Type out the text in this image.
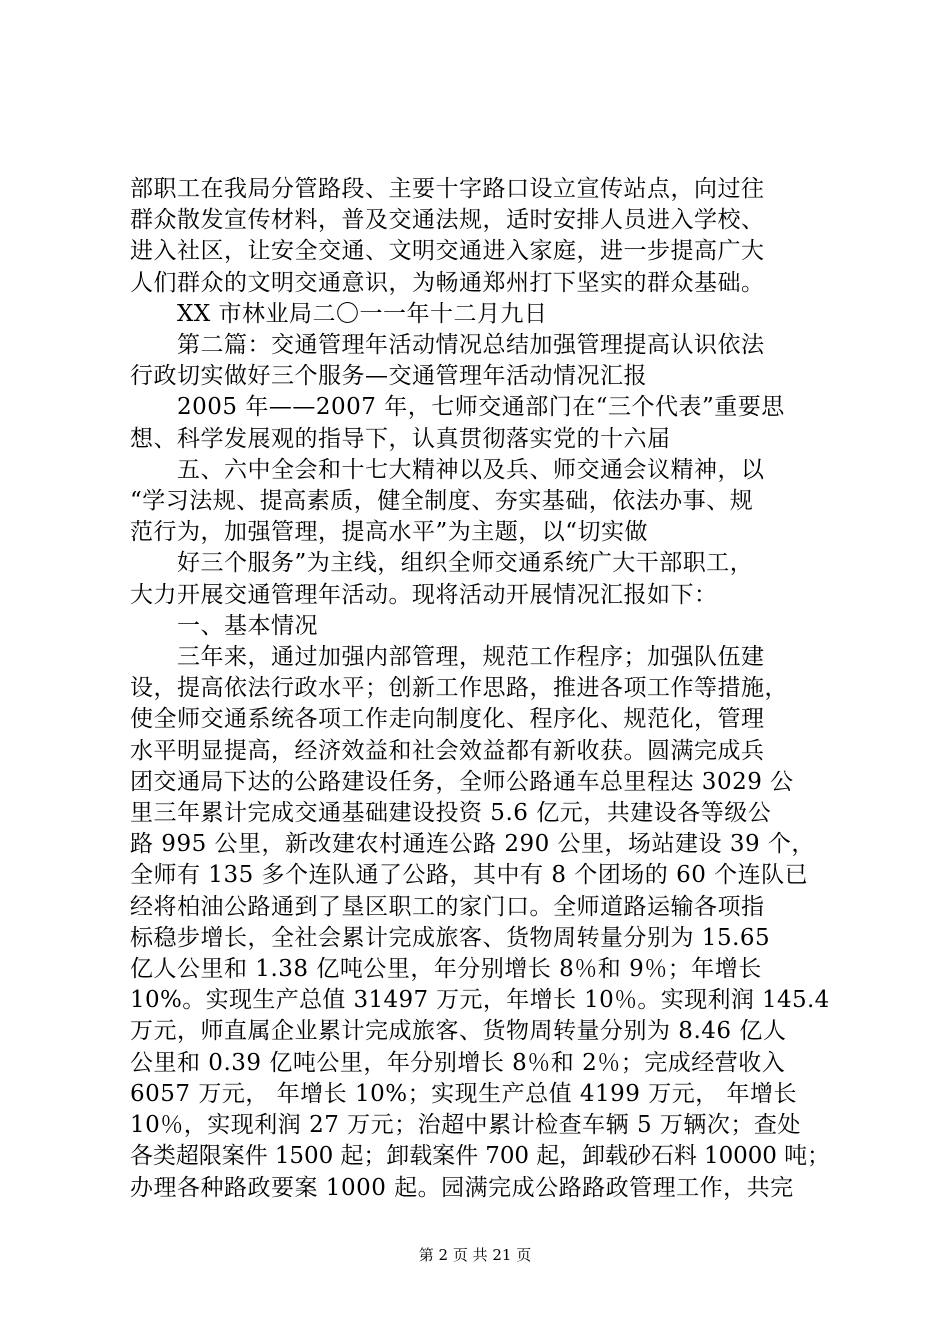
部职工在我局分管路段、主要十字路口设立宣传站点，向过往
群众散发宣传材料，普及交通法规，适时安排人员进入学校、
进入社区，让安全交通、文明交通进入家庭，进一步提高广大
人们群众的文明交通意识，为畅通郑州打下坚实的群众基础。
XX 市林业局二〇一一年十二月九日
第二篇：交通管理年活动情况总结加强管理提高认识依法
行政切实做好三个服务—交通管理年活动情况汇报
2005 年——2007 年，七师交通部门在“三个代表”重要思
想、科学发展观的指导下，认真贯彻落实党的十六届
五、六中全会和十七大精神以及兵、师交通会议精神，以
“学习法规、提高素质，健全制度、夯实基础，依法办事、规
范行为，加强管理，提高水平”为主题，以“切实做
好三个服务”为主线，组织全师交通系统广大干部职工，
大力开展交通管理年活动。现将活动开展情况汇报如下：
一、基本情况
三年来，通过加强内部管理，规范工作程序；加强队伍建
设，提高依法行政水平；创新工作思路，推进各项工作等措施，
使全师交通系统各项工作走向制度化、程序化、规范化，管理
水平明显提高，经济效益和社会效益都有新收获。圆满完成兵
团交通局下达的公路建设任务，全师公路通车总里程达 3029 公
里三年累计完成交通基础建设投资 5.6 亿元，共建设各等级公
路 995 公里，新改建农村通连公路 290 公里，场站建设 39 个，
全师有 135 多个连队通了公路，其中有 8 个团场的 60 个连队已
经将柏油公路通到了垦区职工的家门口。全师道路运输各项指
标稳步增长，全社会累计完成旅客、货物周转量分别为 15.65
亿人公里和 1.38 亿吨公里，年分别增长 8％和 9％；年增长
10%。实现生产总值 31497 万元，年增长 10％。实现利润 145.4
万元，师直属企业累计完成旅客、货物周转量分别为 8.46 亿人
公里和 0.39 亿吨公里，年分别增长 8％和 2％；完成经营收入
6057 万元， 年增长 10%；实现生产总值 4199 万元， 年增长
10％，实现利润 27 万元；治超中累计检查车辆 5 万辆次；查处
各类超限案件 1500 起；卸载案件 700 起，卸载砂石料 10000 吨；
办理各种路政要案 1000 起。园满完成公路路政管理工作，共完
第 2 页 共 21 页
